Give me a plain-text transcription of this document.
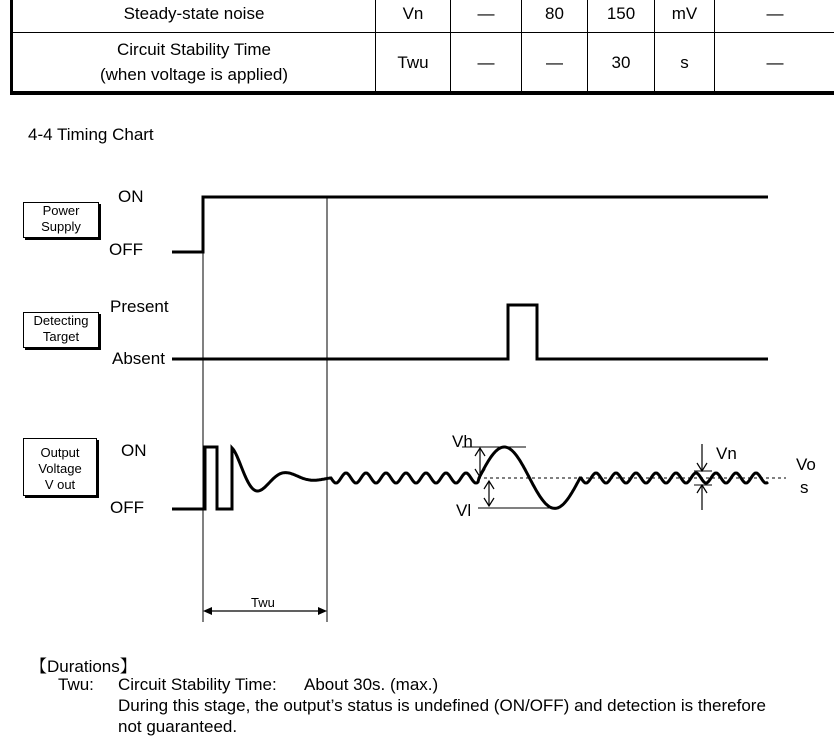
Steady-state noise	Vn	—	80	150	mV	—
Circuit Stability Time
(when voltage is applied)	Twu	—	—	30	s	—
4-4 Timing Chart
Vh
Vl
Vn
Vo
s
Twu
Power
Supply
Detecting
Target
Output
Voltage
V out
ON
OFF
Present
Absent
ON
OFF
【Durations】
Twu: Circuit Stability Time: About 30s. (max.)
During this stage, the output’s status is undefined (ON/OFF) and detection is therefore
not guaranteed.
